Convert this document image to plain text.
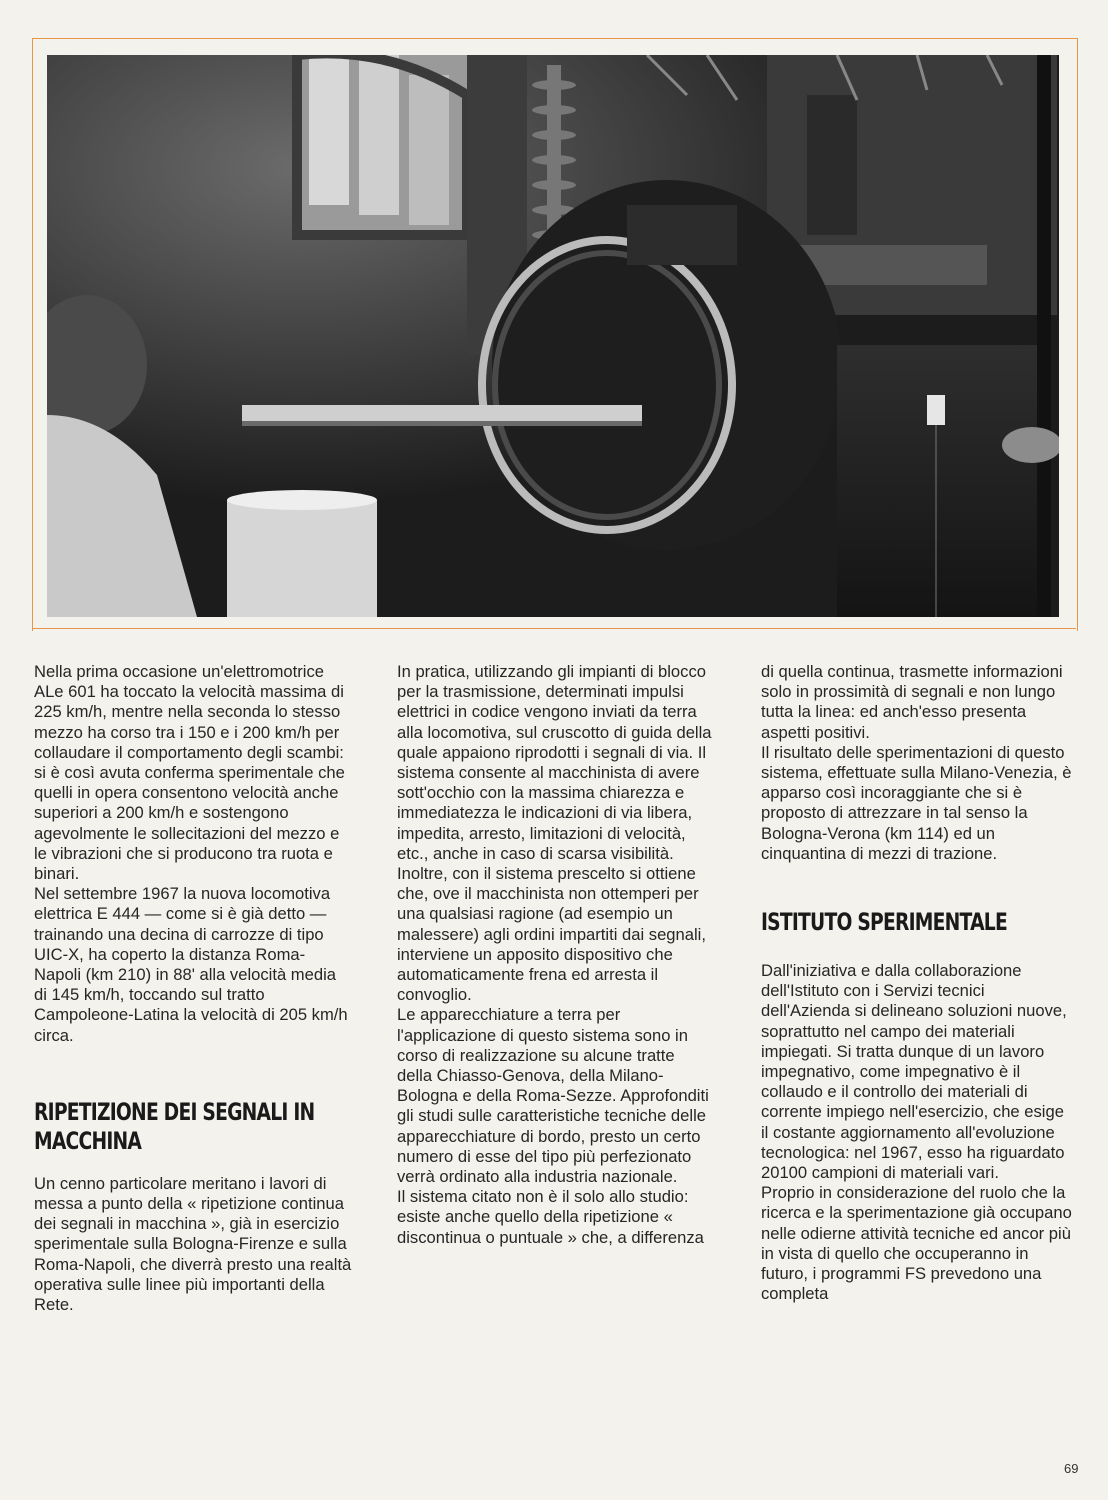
Nella prima occasione un'elettromotrice ALe 601 ha toccato la velocità massima di 225 km/h, mentre nella seconda lo stesso mezzo ha corso tra i 150 e i 200 km/h per collaudare il comportamento degli scambi: si è così avuta conferma sperimentale che quelli in opera consentono velocità anche superiori a 200 km/h e sostengono agevolmente le sollecitazioni del mezzo e le vibrazioni che si producono tra ruota e binari.

Nel settembre 1967 la nuova locomotiva elettrica E 444 — come si è già detto — trainando una decina di carrozze di tipo UIC-X, ha coperto la distanza Roma-Napoli (km 210) in 88' alla velocità media di 145 km/h, toccando sul tratto Campoleone-Latina la velocità di 205 km/h circa.

RIPETIZIONE DEI SEGNALI IN MACCHINA

Un cenno particolare meritano i lavori di messa a punto della « ripetizione continua dei segnali in macchina », già in esercizio sperimentale sulla Bologna-Firenze e sulla Roma-Napoli, che diverrà presto una realtà operativa sulle linee più importanti della Rete.

In pratica, utilizzando gli impianti di blocco per la trasmissione, determinati impulsi elettrici in codice vengono inviati da terra alla locomotiva, sul cruscotto di guida della quale appaiono riprodotti i segnali di via. Il sistema consente al macchinista di avere sott'occhio con la massima chiarezza e immediatezza le indicazioni di via libera, impedita, arresto, limitazioni di velocità, etc., anche in caso di scarsa visibilità.

Inoltre, con il sistema prescelto si ottiene che, ove il macchinista non ottemperi per una qualsiasi ragione (ad esempio un malessere) agli ordini impartiti dai segnali, interviene un apposito dispositivo che automaticamente frena ed arresta il convoglio.

Le apparecchiature a terra per l'applicazione di questo sistema sono in corso di realizzazione su alcune tratte della Chiasso-Genova, della Milano-Bologna e della Roma-Sezze. Approfonditi gli studi sulle caratteristiche tecniche delle apparecchiature di bordo, presto un certo numero di esse del tipo più perfezionato verrà ordinato alla industria nazionale.

Il sistema citato non è il solo allo studio: esiste anche quello della ripetizione « discontinua o puntuale » che, a differenza

di quella continua, trasmette informazioni solo in prossimità di segnali e non lungo tutta la linea: ed anch'esso presenta aspetti positivi.

Il risultato delle sperimentazioni di questo sistema, effettuate sulla Milano-Venezia, è apparso così incoraggiante che si è proposto di attrezzare in tal senso la Bologna-Verona (km 114) ed un cinquantina di mezzi di trazione.

ISTITUTO SPERIMENTALE

Dall'iniziativa e dalla collaborazione dell'Istituto con i Servizi tecnici dell'Azienda si delineano soluzioni nuove, soprattutto nel campo dei materiali impiegati. Si tratta dunque di un lavoro impegnativo, come impegnativo è il collaudo e il controllo dei materiali di corrente impiego nell'esercizio, che esige il costante aggiornamento all'evoluzione tecnologica: nel 1967, esso ha riguardato 20100 campioni di materiali vari.

Proprio in considerazione del ruolo che la ricerca e la sperimentazione già occupano nelle odierne attività tecniche ed ancor più in vista di quello che occuperanno in futuro, i programmi FS prevedono una completa

69
